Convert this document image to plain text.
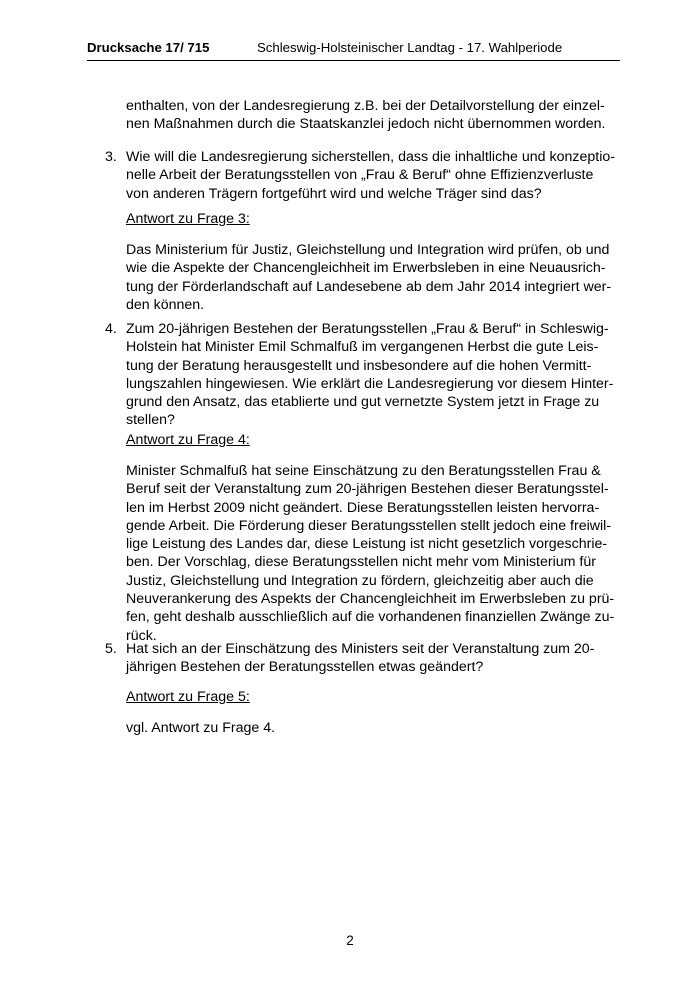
Drucksache 17/ 715	Schleswig-Holsteinischer Landtag - 17. Wahlperiode
enthalten, von der Landesregierung z.B. bei der Detailvorstellung der einzel-
nen Maßnahmen durch die Staatskanzlei jedoch nicht übernommen worden.
3. Wie will die Landesregierung sicherstellen, dass die inhaltliche und konzeptio-
nelle Arbeit der Beratungsstellen von „Frau & Beruf“ ohne Effizienzverluste
von anderen Trägern fortgeführt wird und welche Träger sind das?
Antwort zu Frage 3:
Das Ministerium für Justiz, Gleichstellung und Integration wird prüfen, ob und
wie die Aspekte der Chancengleichheit im Erwerbsleben in eine Neuausrich-
tung der Förderlandschaft auf Landesebene ab dem Jahr 2014 integriert wer-
den können.
4. Zum 20-jährigen Bestehen der Beratungsstellen „Frau & Beruf“ in Schleswig-
Holstein hat Minister Emil Schmalfuß im vergangenen Herbst die gute Leis-
tung der Beratung herausgestellt und insbesondere auf die hohen Vermitt-
lungszahlen hingewiesen. Wie erklärt die Landesregierung vor diesem Hinter-
grund den Ansatz, das etablierte und gut vernetzte System jetzt in Frage zu
stellen?
Antwort zu Frage 4:
Minister Schmalfuß hat seine Einschätzung zu den Beratungsstellen Frau &
Beruf seit der Veranstaltung zum 20-jährigen Bestehen dieser Beratungsstel-
len im Herbst 2009 nicht geändert. Diese Beratungsstellen leisten hervorra-
gende Arbeit. Die Förderung dieser Beratungsstellen stellt jedoch eine freiwil-
lige Leistung des Landes dar, diese Leistung ist nicht gesetzlich vorgeschrie-
ben. Der Vorschlag, diese Beratungsstellen nicht mehr vom Ministerium für
Justiz, Gleichstellung und Integration zu fördern, gleichzeitig aber auch die
Neuverankerung des Aspekts der Chancengleichheit im Erwerbsleben zu prü-
fen, geht deshalb ausschließlich auf die vorhandenen finanziellen Zwänge zu-
rück.
5. Hat sich an der Einschätzung des Ministers seit der Veranstaltung zum 20-
jährigen Bestehen der Beratungsstellen etwas geändert?
Antwort zu Frage 5:
vgl. Antwort zu Frage 4.
2
